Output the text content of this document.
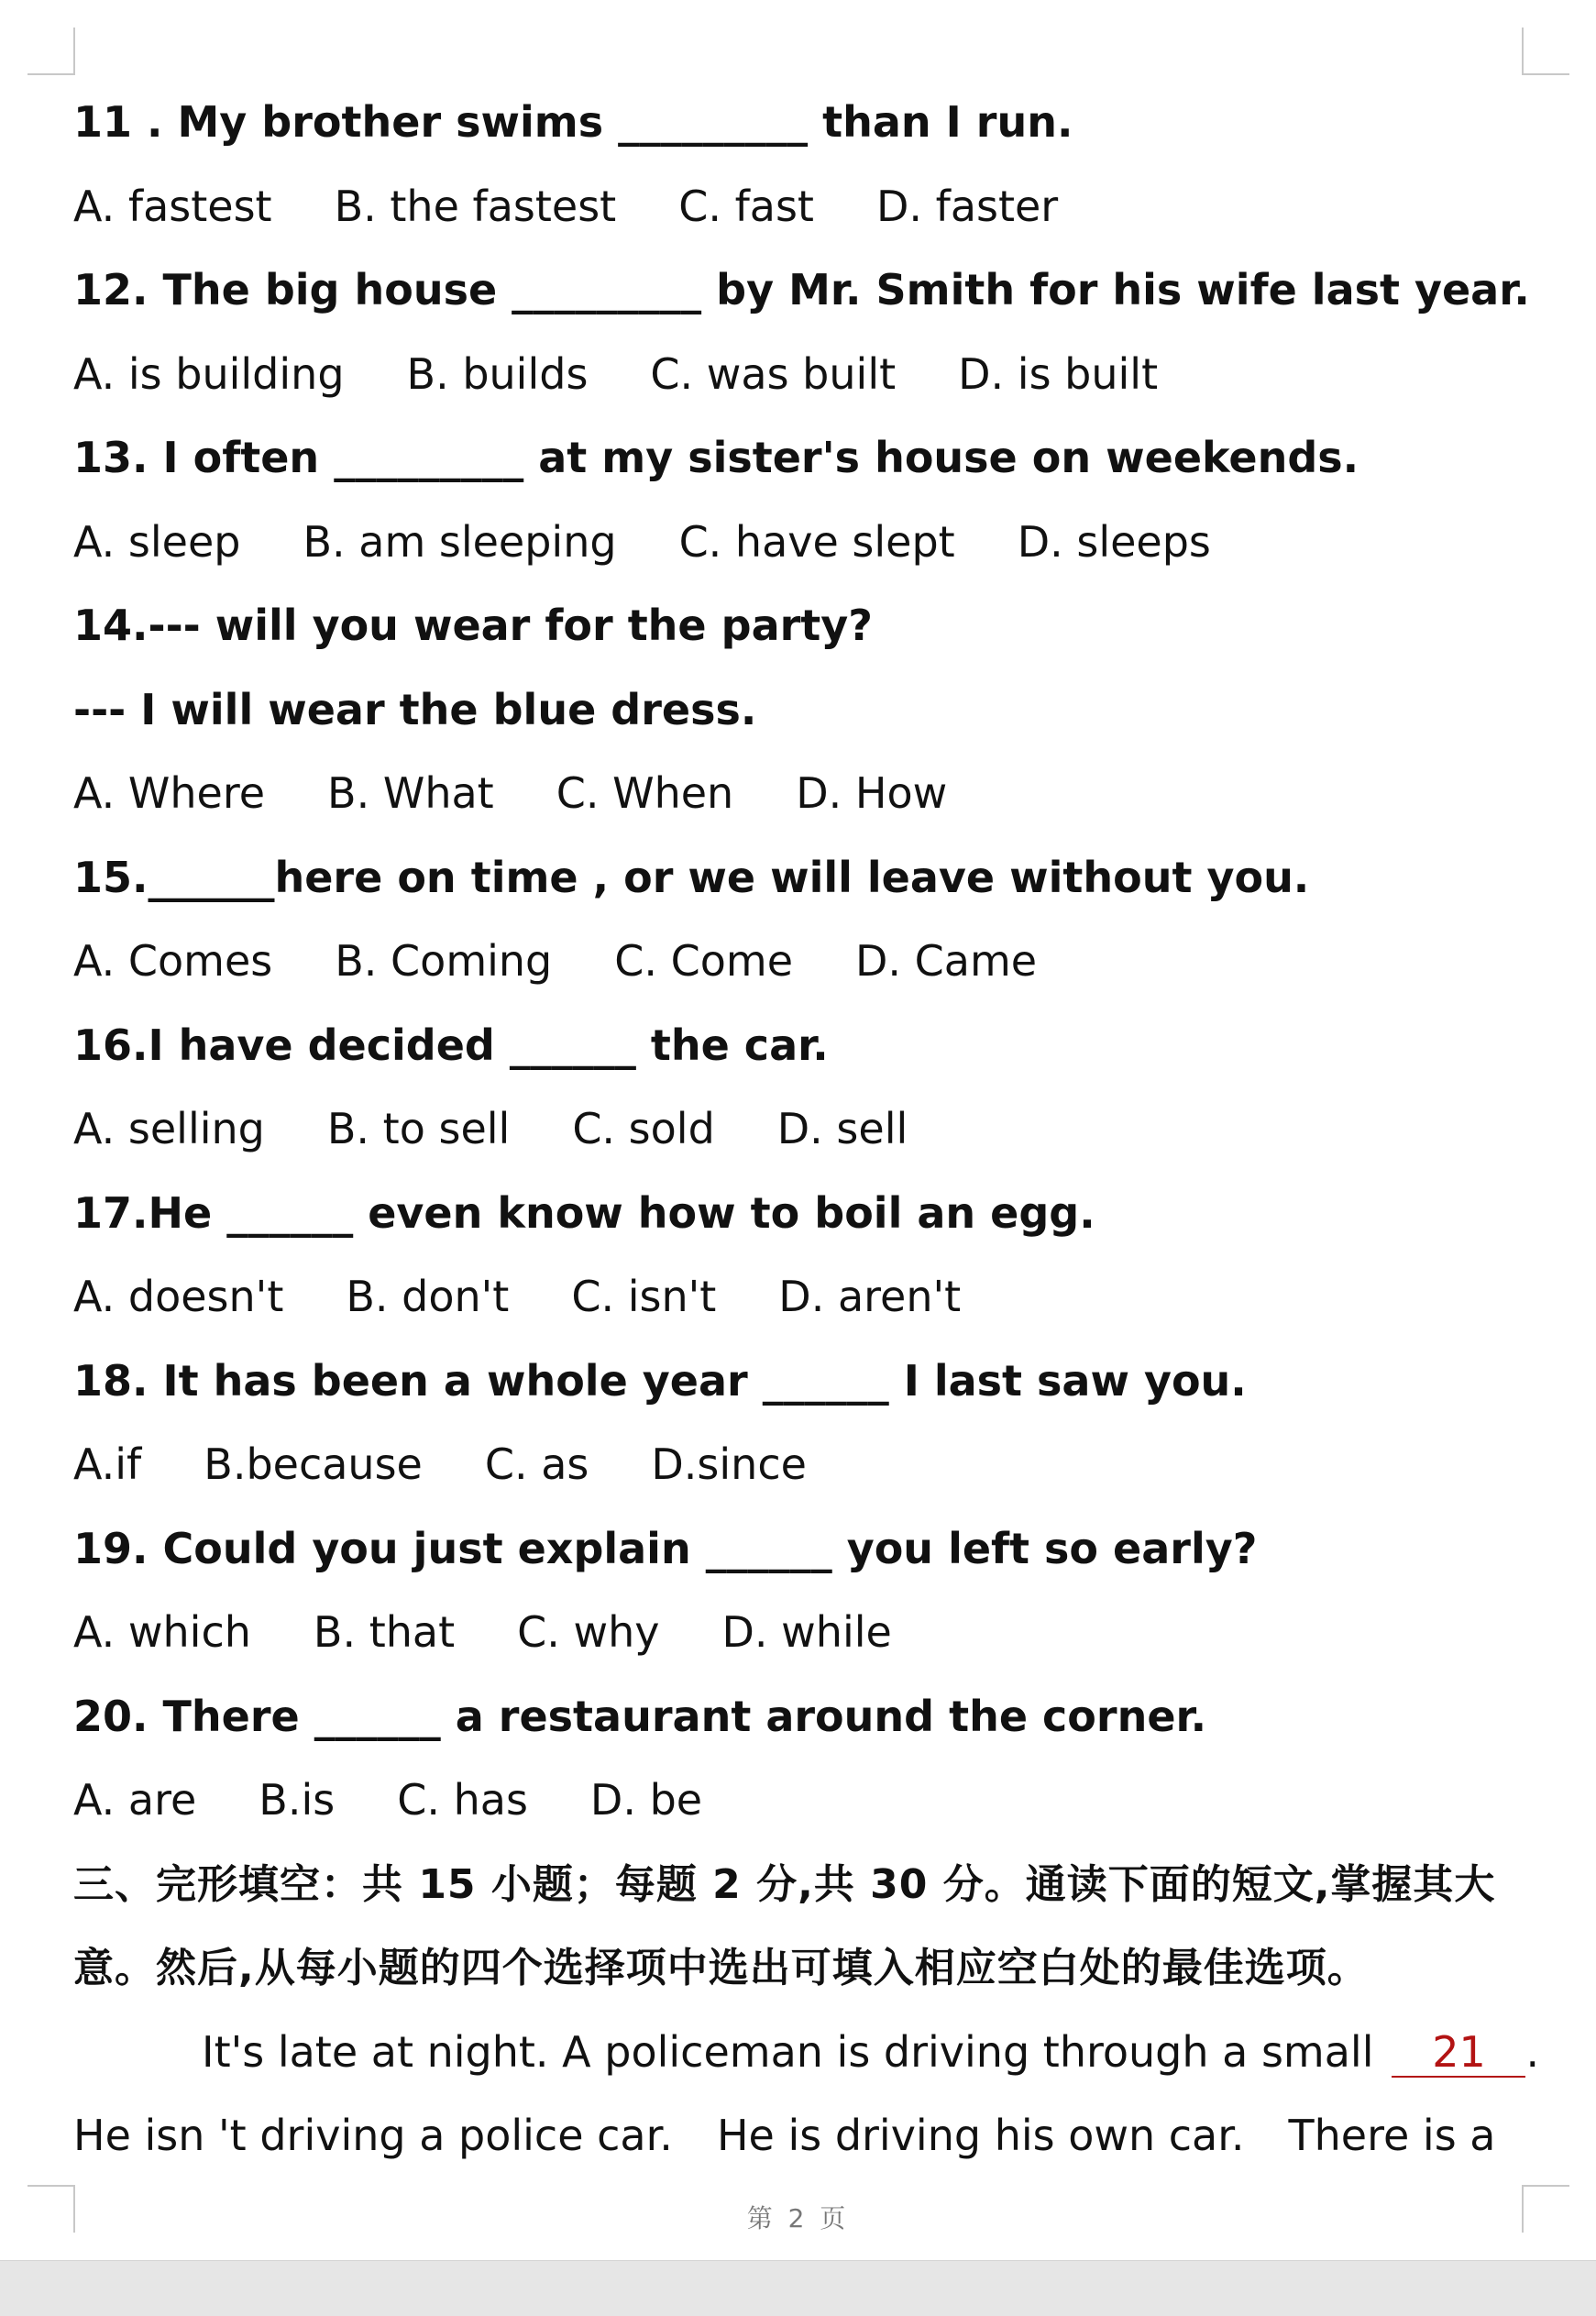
11 . My brother swims _________ than I run.
A. fastest B. the fastest C. fast D. faster
12. The big house _________ by Mr. Smith for his wife last year.
A. is building B. builds C. was built D. is built
13. I often _________ at my sister's house on weekends.
A. sleep B. am sleeping C. have slept D. sleeps
14.--- will you wear for the party?
--- I will wear the blue dress.
A. Where B. What C. When D. How
15.______here on time , or we will leave without you.
A. Comes B. Coming C. Come D. Came
16.I have decided ______ the car.
A. selling B. to sell C. sold D. sell
17.He ______ even know how to boil an egg.
A. doesn't B. don't C. isn't D. aren't
18. It has been a whole year ______ I last saw you.
A.if B.because C. as D.since
19. Could you just explain ______ you left so early?
A. which B. that C. why D. while
20. There ______ a restaurant around the corner.
A. are B.is C. has D. be
三、完形填空：共 15 小题；每题 2 分,共 30 分。通读下面的短文,掌握其大
意。然后,从每小题的四个选择项中选出可填入相应空白处的最佳选项。
It's late at night. A policeman is driving through a small 21 .
He isn 't driving a police car. He is driving his own car. There is a
第 2 页
